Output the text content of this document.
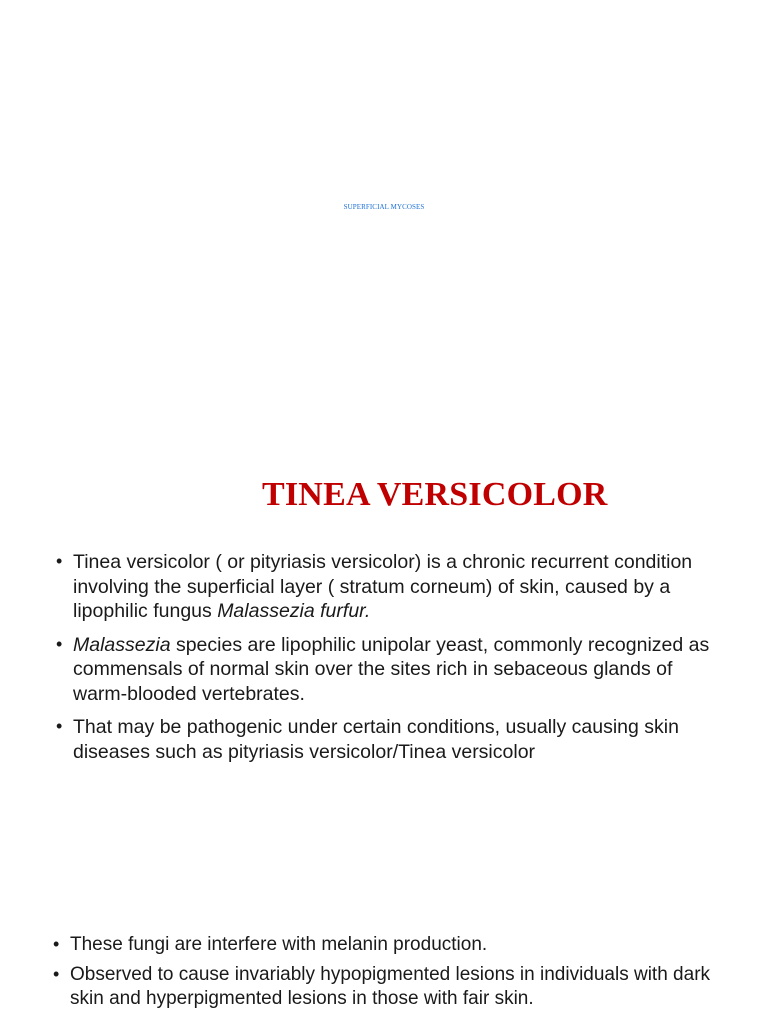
SUPERFICIAL MYCOSES
TINEA VERSICOLOR
• Tinea versicolor ( or pityriasis versicolor) is a chronic recurrent condition involving the superficial layer ( stratum corneum) of skin, caused by a lipophilic fungus Malassezia furfur.
• Malassezia species are lipophilic unipolar yeast, commonly recognized as commensals of normal skin over the sites rich in sebaceous glands of warm-blooded vertebrates.
• That may be pathogenic under certain conditions, usually causing skin diseases such as pityriasis versicolor/Tinea versicolor
• These fungi are interfere with melanin production.
• Observed to cause invariably hypopigmented lesions in individuals with dark skin and hyperpigmented lesions in those with fair skin.
